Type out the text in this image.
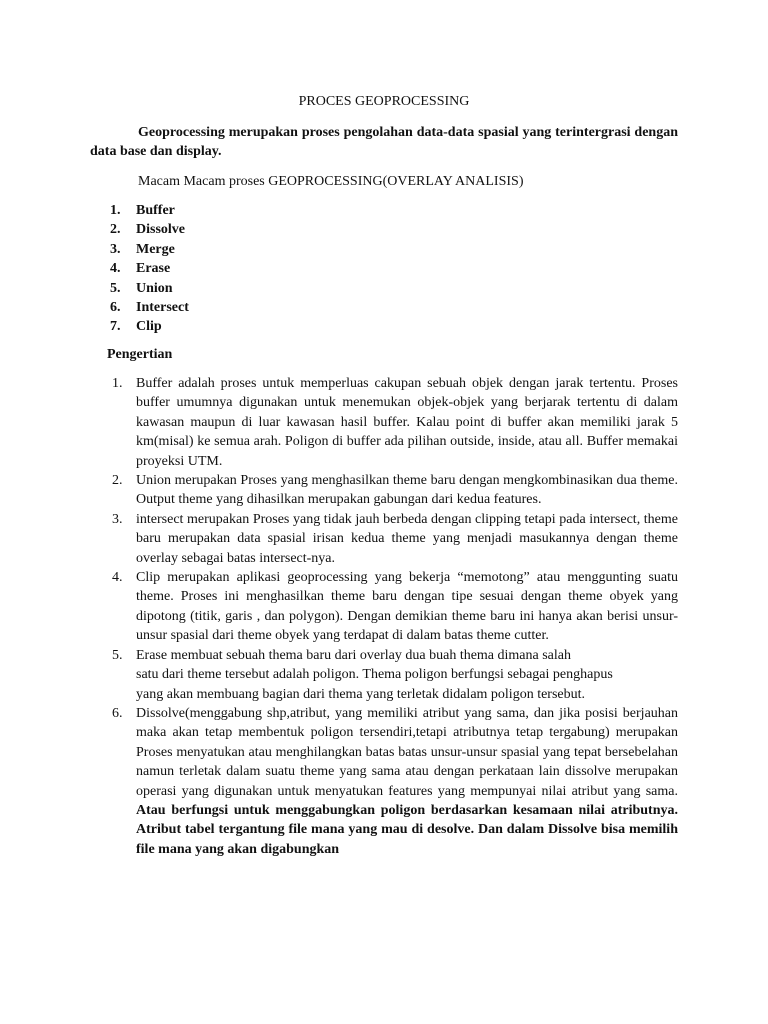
PROCES GEOPROCESSING

Geoprocessing merupakan proses pengolahan data-data spasial yang terintergrasi dengan data base dan display.

Macam Macam proses GEOPROCESSING(OVERLAY ANALISIS)

1. Buffer
2. Dissolve
3. Merge
4. Erase
5. Union
6. Intersect
7. Clip

Pengertian

1. Buffer adalah proses untuk memperluas cakupan sebuah objek dengan jarak tertentu. Proses buffer umumnya digunakan untuk menemukan objek-objek yang berjarak tertentu di dalam kawasan maupun di luar kawasan hasil buffer. Kalau point di buffer akan memiliki jarak 5 km(misal) ke semua arah. Poligon di buffer ada pilihan outside, inside, atau all. Buffer memakai proyeksi UTM.
2. Union merupakan Proses yang menghasilkan theme baru dengan mengkombinasikan dua theme. Output theme yang dihasilkan merupakan gabungan dari kedua features.
3. intersect merupakan Proses yang tidak jauh berbeda dengan clipping tetapi pada intersect, theme baru merupakan data spasial irisan kedua theme yang menjadi masukannya dengan theme overlay sebagai batas intersect-nya.
4. Clip merupakan aplikasi geoprocessing yang bekerja “memotong” atau menggunting suatu theme. Proses ini menghasilkan theme baru dengan tipe sesuai dengan theme obyek yang dipotong (titik, garis , dan polygon). Dengan demikian theme baru ini hanya akan berisi unsur-unsur spasial dari theme obyek yang terdapat di dalam batas theme cutter.
5. Erase membuat sebuah thema baru dari overlay dua buah thema dimana salah
satu dari theme tersebut adalah poligon. Thema poligon berfungsi sebagai penghapus
yang akan membuang bagian dari thema yang terletak didalam poligon tersebut.
6. Dissolve(menggabung shp,atribut, yang memiliki atribut yang sama, dan jika posisi berjauhan maka akan tetap membentuk poligon tersendiri,tetapi atributnya tetap tergabung) merupakan Proses menyatukan atau menghilangkan batas batas unsur-unsur spasial yang tepat bersebelahan namun terletak dalam suatu theme yang sama atau dengan perkataan lain dissolve merupakan operasi yang digunakan untuk menyatukan features yang mempunyai nilai atribut yang sama. Atau berfungsi untuk menggabungkan poligon berdasarkan kesamaan nilai atributnya. Atribut tabel tergantung file mana yang mau di desolve. Dan dalam Dissolve bisa memilih file mana yang akan digabungkan
